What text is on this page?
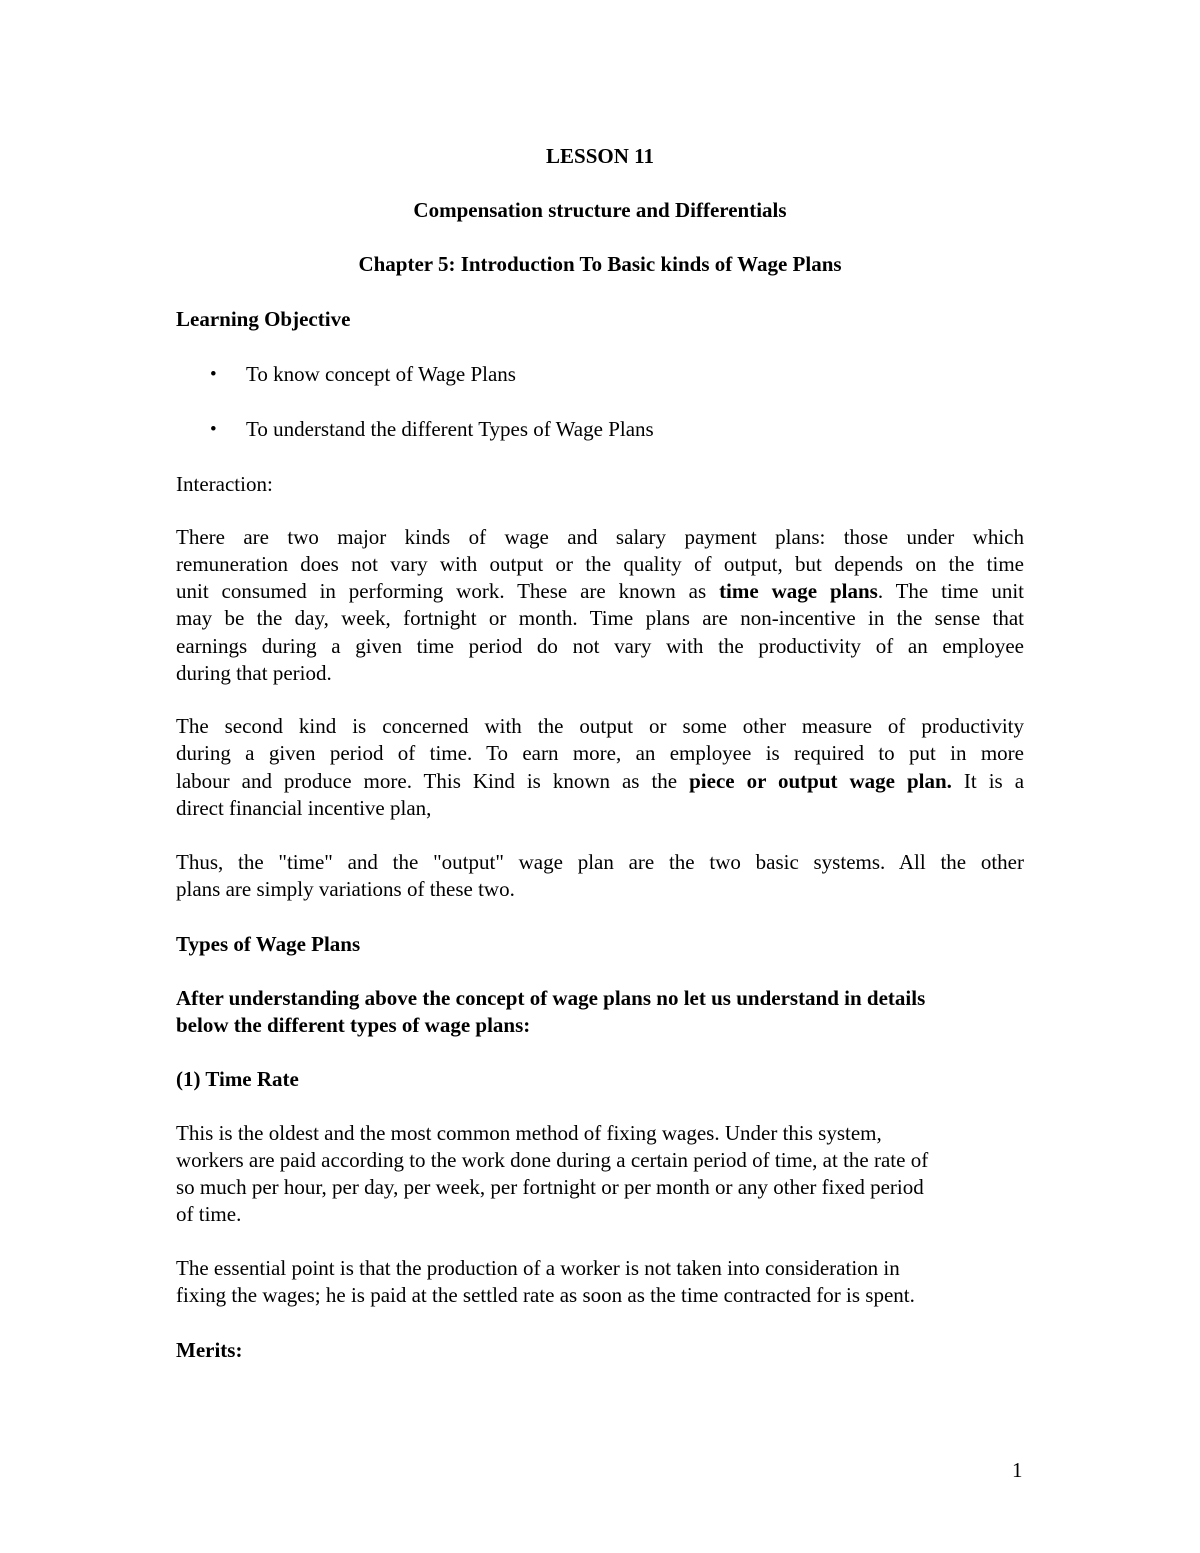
LESSON 11
Compensation structure and Differentials
Chapter 5: Introduction To Basic kinds of Wage Plans
Learning Objective
• To know concept of Wage Plans
• To understand the different Types of Wage Plans
Interaction:
There are two major kinds of wage and salary payment plans: those under which
remuneration does not vary with output or the quality of output, but depends on the time
unit consumed in performing work. These are known as time wage plans. The time unit
may be the day, week, fortnight or month. Time plans are non-incentive in the sense that
earnings during a given time period do not vary with the productivity of an employee
during that period.
The second kind is concerned with the output or some other measure of productivity
during a given period of time. To earn more, an employee is required to put in more
labour and produce more. This Kind is known as the piece or output wage plan. It is a
direct financial incentive plan,
Thus, the "time" and the "output" wage plan are the two basic systems. All the other
plans are simply variations of these two.
Types of Wage Plans
After understanding above the concept of wage plans no let us understand in details
below the different types of wage plans:
(1) Time Rate
This is the oldest and the most common method of fixing wages. Under this system,
workers are paid according to the work done during a certain period of time, at the rate of
so much per hour, per day, per week, per fortnight or per month or any other fixed period
of time.
The essential point is that the production of a worker is not taken into consideration in
fixing the wages; he is paid at the settled rate as soon as the time contracted for is spent.
Merits:
1
